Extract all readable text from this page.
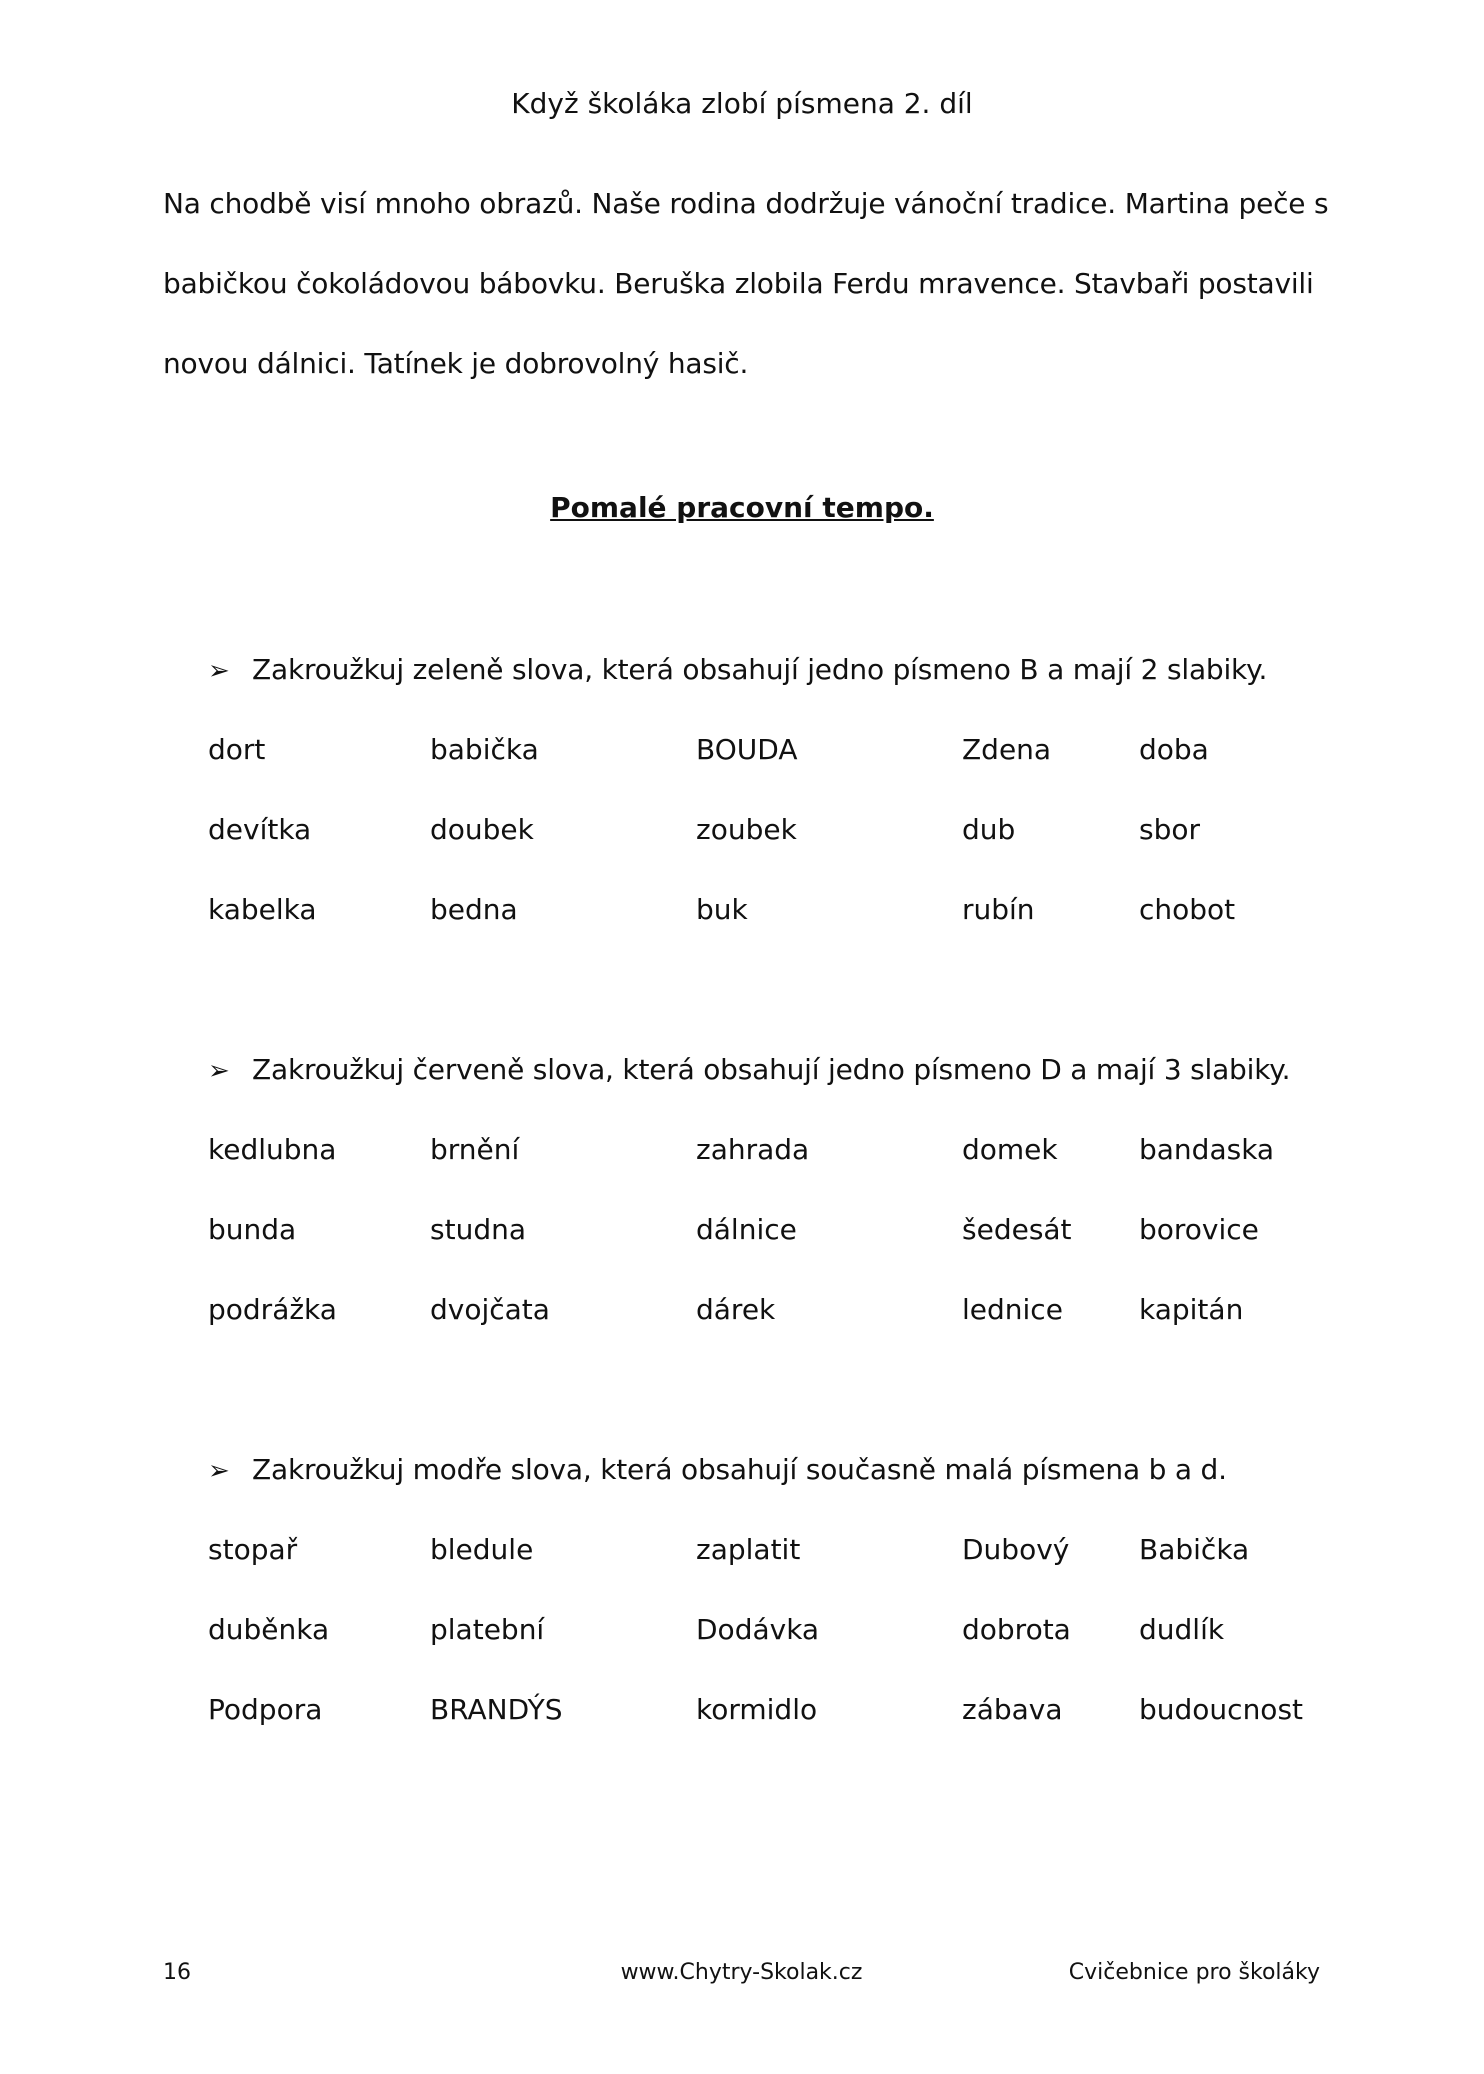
Když školáka zlobí písmena 2. díl

Na chodbě visí mnoho obrazů. Naše rodina dodržuje vánoční tradice. Martina peče s babičkou čokoládovou bábovku. Beruška zlobila Ferdu mravence. Stavbaři postavili novou dálnici. Tatínek je dobrovolný hasič.

Pomalé pracovní tempo.
➢ Zakroužkuj zeleně slova, která obsahují jedno písmeno B a mají 2 slabiky.
dort	babička	BOUDA	Zdena	doba
devítka	doubek	zoubek	dub	sbor
kabelka	bedna	buk	rubín	chobot
➢ Zakroužkuj červeně slova, která obsahují jedno písmeno D a mají 3 slabiky.
kedlubna	brnění	zahrada	domek	bandaska
bunda	studna	dálnice	šedesát borovice
podrážka	dvojčata	dárek	lednice	kapitán
➢ Zakroužkuj modře slova, která obsahují současně malá písmena b a d.
stopař	bledule	zaplatit	Dubový Babička
duběnka	platební	Dodávka	dobrota dudlík
Podpora	BRANDÝS	kormidlo	zábava	budoucnost
16	www.Chytry-Skolak.cz	Cvičebnice pro školáky
